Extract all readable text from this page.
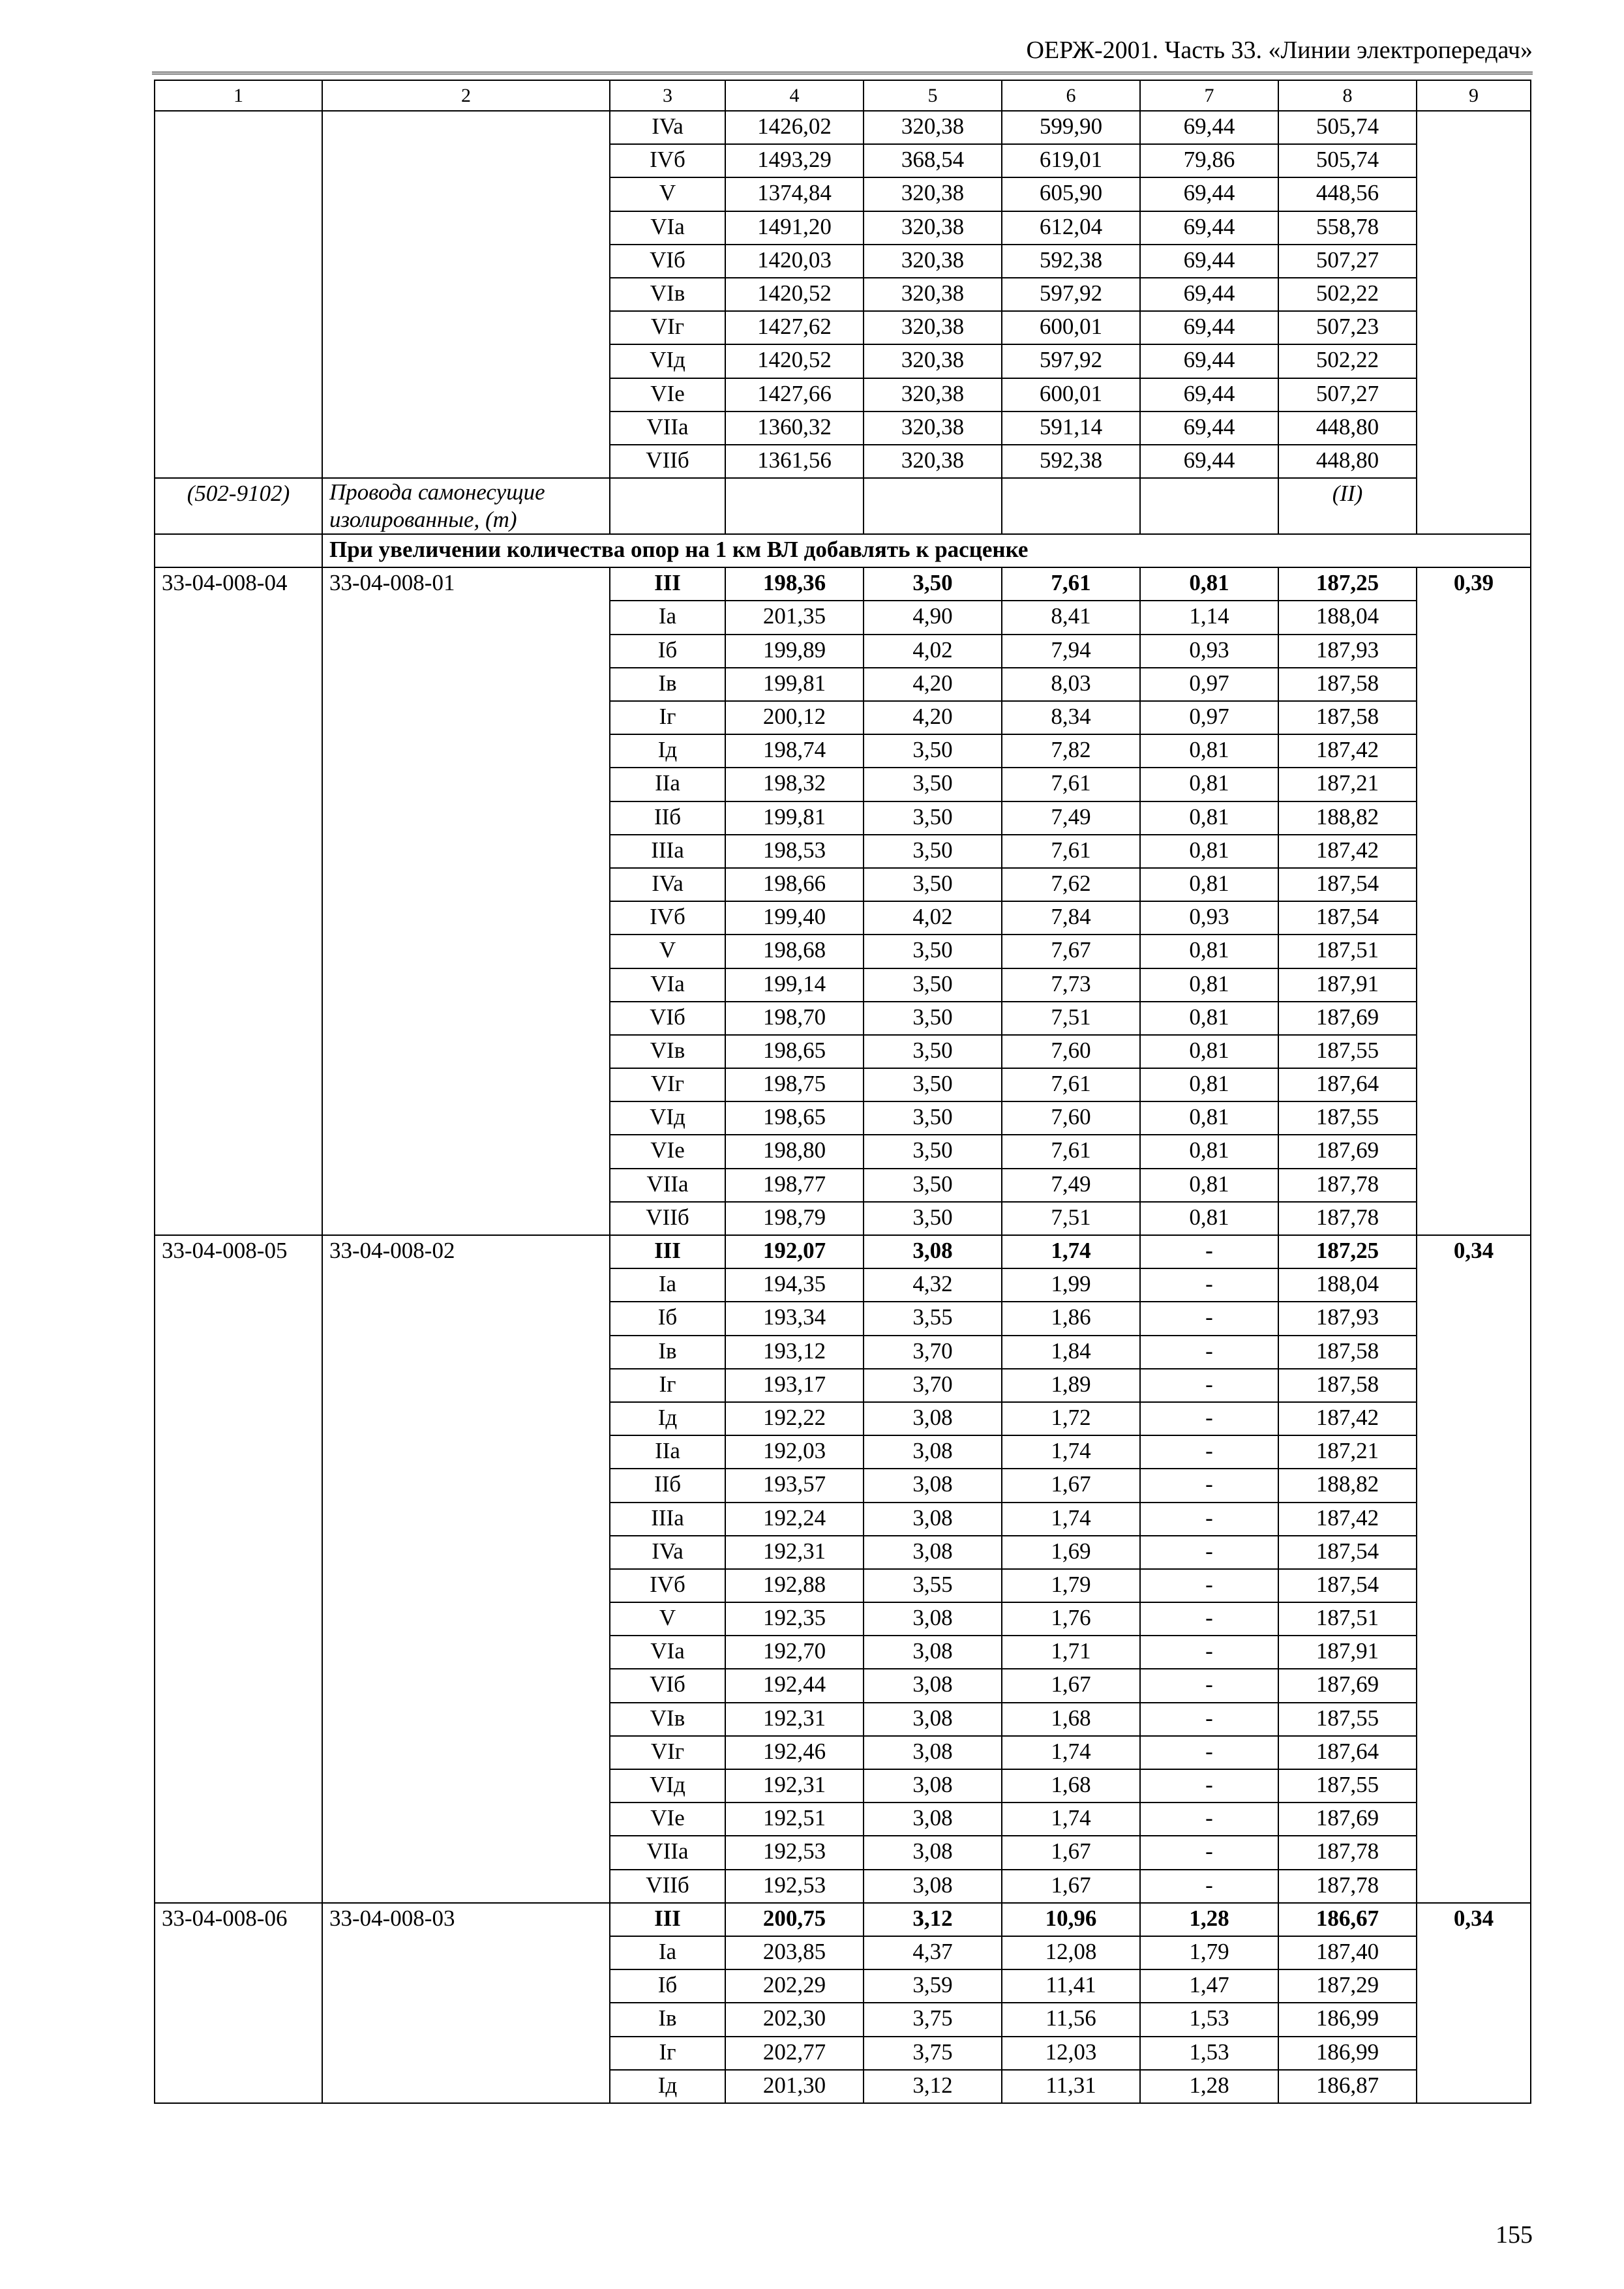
ОЕРЖ-2001. Часть 33. «Линии электропередач»
1	2	3	4	5	6	7	8	9
		IVa	1426,02	320,38	599,90	69,44	505,74	
		IVб	1493,29	368,54	619,01	79,86	505,74	
		V	1374,84	320,38	605,90	69,44	448,56	
		VIa	1491,20	320,38	612,04	69,44	558,78	
		VIб	1420,03	320,38	592,38	69,44	507,27	
		VIв	1420,52	320,38	597,92	69,44	502,22	
		VIг	1427,62	320,38	600,01	69,44	507,23	
		VIд	1420,52	320,38	597,92	69,44	502,22	
		VIe	1427,66	320,38	600,01	69,44	507,27	
		VIIa	1360,32	320,38	591,14	69,44	448,80	
		VIIб	1361,56	320,38	592,38	69,44	448,80	
(502-9102)	Провода самонесущие изолированные, (т)						(II)	
	При увеличении количества опор на 1 км ВЛ добавлять к расценке							
33-04-008-04	33-04-008-01	III	198,36	3,50	7,61	0,81	187,25	0,39
		Ia	201,35	4,90	8,41	1,14	188,04	
		Iб	199,89	4,02	7,94	0,93	187,93	
		Iв	199,81	4,20	8,03	0,97	187,58	
		Iг	200,12	4,20	8,34	0,97	187,58	
		Iд	198,74	3,50	7,82	0,81	187,42	
		IIa	198,32	3,50	7,61	0,81	187,21	
		IIб	199,81	3,50	7,49	0,81	188,82	
		IIIa	198,53	3,50	7,61	0,81	187,42	
		IVa	198,66	3,50	7,62	0,81	187,54	
		IVб	199,40	4,02	7,84	0,93	187,54	
		V	198,68	3,50	7,67	0,81	187,51	
		VIa	199,14	3,50	7,73	0,81	187,91	
		VIб	198,70	3,50	7,51	0,81	187,69	
		VIв	198,65	3,50	7,60	0,81	187,55	
		VIг	198,75	3,50	7,61	0,81	187,64	
		VIд	198,65	3,50	7,60	0,81	187,55	
		VIe	198,80	3,50	7,61	0,81	187,69	
		VIIa	198,77	3,50	7,49	0,81	187,78	
		VIIб	198,79	3,50	7,51	0,81	187,78	
33-04-008-05	33-04-008-02	III	192,07	3,08	1,74	-	187,25	0,34
		Ia	194,35	4,32	1,99	-	188,04	
		Iб	193,34	3,55	1,86	-	187,93	
		Iв	193,12	3,70	1,84	-	187,58	
		Iг	193,17	3,70	1,89	-	187,58	
		Iд	192,22	3,08	1,72	-	187,42	
		IIa	192,03	3,08	1,74	-	187,21	
		IIб	193,57	3,08	1,67	-	188,82	
		IIIa	192,24	3,08	1,74	-	187,42	
		IVa	192,31	3,08	1,69	-	187,54	
		IVб	192,88	3,55	1,79	-	187,54	
		V	192,35	3,08	1,76	-	187,51	
		VIa	192,70	3,08	1,71	-	187,91	
		VIб	192,44	3,08	1,67	-	187,69	
		VIв	192,31	3,08	1,68	-	187,55	
		VIг	192,46	3,08	1,74	-	187,64	
		VIд	192,31	3,08	1,68	-	187,55	
		VIe	192,51	3,08	1,74	-	187,69	
		VIIa	192,53	3,08	1,67	-	187,78	
		VIIб	192,53	3,08	1,67	-	187,78	
33-04-008-06	33-04-008-03	III	200,75	3,12	10,96	1,28	186,67	0,34
		Ia	203,85	4,37	12,08	1,79	187,40	
		Iб	202,29	3,59	11,41	1,47	187,29	
		Iв	202,30	3,75	11,56	1,53	186,99	
		Iг	202,77	3,75	12,03	1,53	186,99	
		Iд	201,30	3,12	11,31	1,28	186,87	
155
